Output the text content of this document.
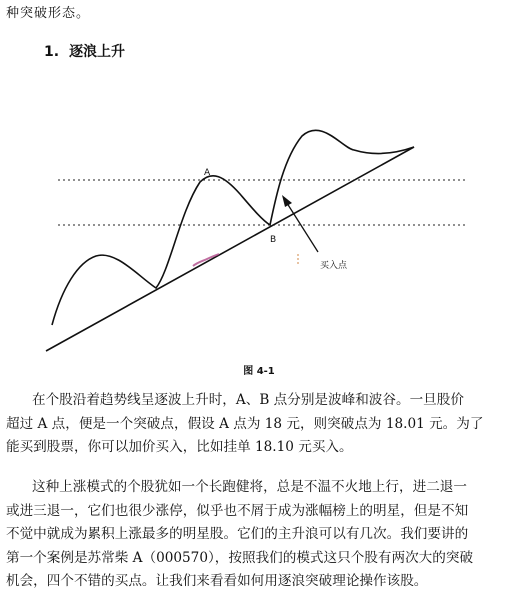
种突破形态。
1. 逐浪上升
A
B
买入点
图 4-1

在个股沿着趋势线呈逐波上升时，A、B 点分别是波峰和波谷。一旦股价
超过 A 点，便是一个突破点，假设 A 点为 18 元，则突破点为 18.01 元。为了
能买到股票，你可以加价买入，比如挂单 18.10 元买入。

这种上涨模式的个股犹如一个长跑健将，总是不温不火地上行，进二退一
或进三退一，它们也很少涨停，似乎也不屑于成为涨幅榜上的明星，但是不知
不觉中就成为累积上涨最多的明星股。它们的主升浪可以有几次。我们要讲的
第一个案例是苏常柴 A（000570），按照我们的模式这只个股有两次大的突破
机会，四个不错的买点。让我们来看看如何用逐浪突破理论操作该股。
